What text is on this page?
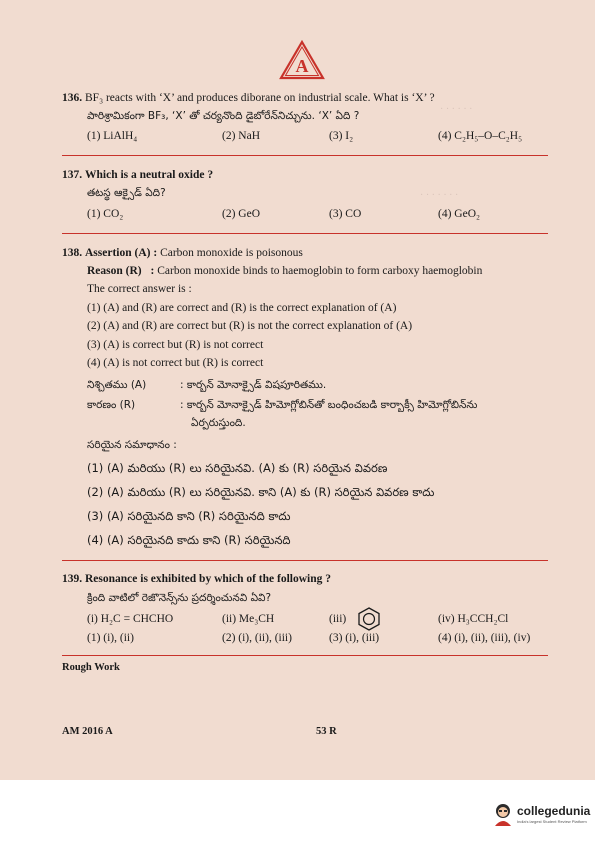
· · · · · ·
· · · · · · ·
A
136. BF₃ reacts with ‘X’ and produces diborane on industrial scale. What is ‘X’ ?
పారిశ్రామికంగా BF₃, ‘X’ తో చర్యనొంది డైబోరేన్‌నిచ్చును. ‘X’ ఏది ?
(1) LiAlH₄	(2) NaH	(3) I₂	(4) C₂H₅–O–C₂H₅
137. Which is a neutral oxide ?
తటస్థ ఆక్సైడ్ ఏది?
(1) CO₂	(2) GeO	(3) CO	(4) GeO₂
138. Assertion (A) : Carbon monoxide is poisonous
Reason (R) : Carbon monoxide binds to haemoglobin to form carboxy haemoglobin
The correct answer is :
(1) (A) and (R) are correct and (R) is the correct explanation of (A)
(2) (A) and (R) are correct but (R) is not the correct explanation of (A)
(3) (A) is correct but (R) is not correct
(4) (A) is not correct but (R) is correct
నిశ్చితము (A)	: కార్బన్ మోనాక్సైడ్ విషపూరితము.
కారణం (R)	: కార్బన్ మోనాక్సైడ్ హిమోగ్లోబిన్‌తో బంధించబడి కార్బాక్సీ హిమోగ్లోబిన్‌ను
ఏర్పరుస్తుంది.
సరియైన సమాధానం :
(1) (A) మరియు (R) లు సరియైనవి. (A) కు (R) సరియైన వివరణ
(2) (A) మరియు (R) లు సరియైనవి. కాని (A) కు (R) సరియైన వివరణ కాదు
(3) (A) సరియైనది కాని (R) సరియైనది కాదు
(4) (A) సరియైనది కాదు కాని (R) సరియైనది
139. Resonance is exhibited by which of the following ?
క్రింది వాటిలో రెజొనెన్స్‌ను ప్రదర్శించునవి ఏవి?
(i) H₂C = CHCHO	(ii) Me₃CH	(iii)	(iv) H₃CCH₂Cl
(1) (i), (ii)	(2) (i), (ii), (iii)	(3) (i), (iii)	(4) (i), (ii), (iii), (iv)
Rough Work
AM 2016 A	53 R
collegedunia
India's largest Student Review Platform
